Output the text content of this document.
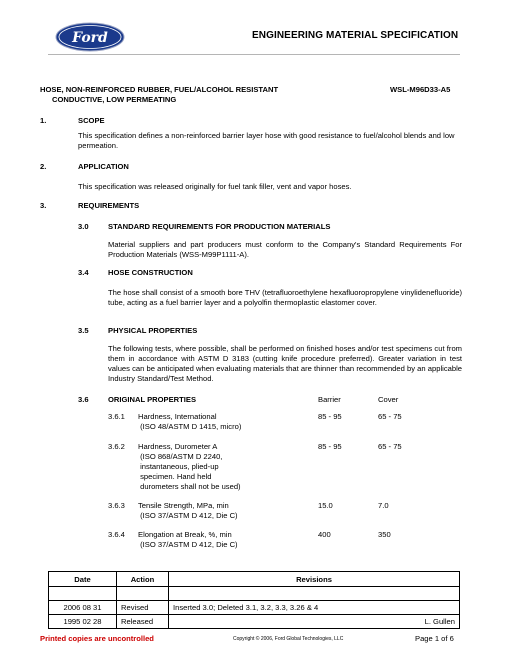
Ford	ENGINEERING MATERIAL SPECIFICATION
HOSE, NON-REINFORCED RUBBER, FUEL/ALCOHOL RESISTANT
CONDUCTIVE, LOW PERMEATING
WSL-M96D33-A5
1.	SCOPE
This specification defines a non-reinforced barrier layer hose with good resistance to fuel/alcohol blends and low permeation.
2.	APPLICATION
This specification was released originally for fuel tank filler, vent and vapor hoses.
3.	REQUIREMENTS
3.0	STANDARD REQUIREMENTS FOR PRODUCTION MATERIALS
Material suppliers and part producers must conform to the Company's Standard Requirements For Production Materials (WSS-M99P1111-A).
3.4	HOSE CONSTRUCTION
The hose shall consist of a smooth bore THV (tetrafluoroethylene hexafluoropropylene vinylidenefluoride) tube, acting as a fuel barrier layer and a polyolfin thermoplastic elastomer cover.
3.5	PHYSICAL PROPERTIES
The following tests, where possible, shall be performed on finished hoses and/or test specimens cut from them in accordance with ASTM D 3183 (cutting knife procedure preferred). Greater variation in test values can be anticipated when evaluating materials that are thinner than recommended by an applicable Industry Standard/Test Method.
3.6	ORIGINAL PROPERTIES	Barrier	Cover
3.6.1 Hardness, International
(ISO 48/ASTM D 1415, micro)
85 - 95	65 - 75
3.6.2 Hardness, Durometer A
(ISO 868/ASTM D 2240,
instantaneous, plied-up
specimen. Hand held
durometers shall not be used)
85 - 95	65 - 75
3.6.3 Tensile Strength, MPa, min
(ISO 37/ASTM D 412, Die C)
15.0	7.0
3.6.4 Elongation at Break, %, min
(ISO 37/ASTM D 412, Die C)
400	350
Date	Action	Revisions

2006 08 31	Revised	Inserted 3.0; Deleted 3.1, 3.2, 3.3, 3.26 & 4
1995 02 28	Released	L. Gullen
Printed copies are uncontrolled	Copyright © 2006, Ford Global Technologies, LLC	Page 1 of 6
